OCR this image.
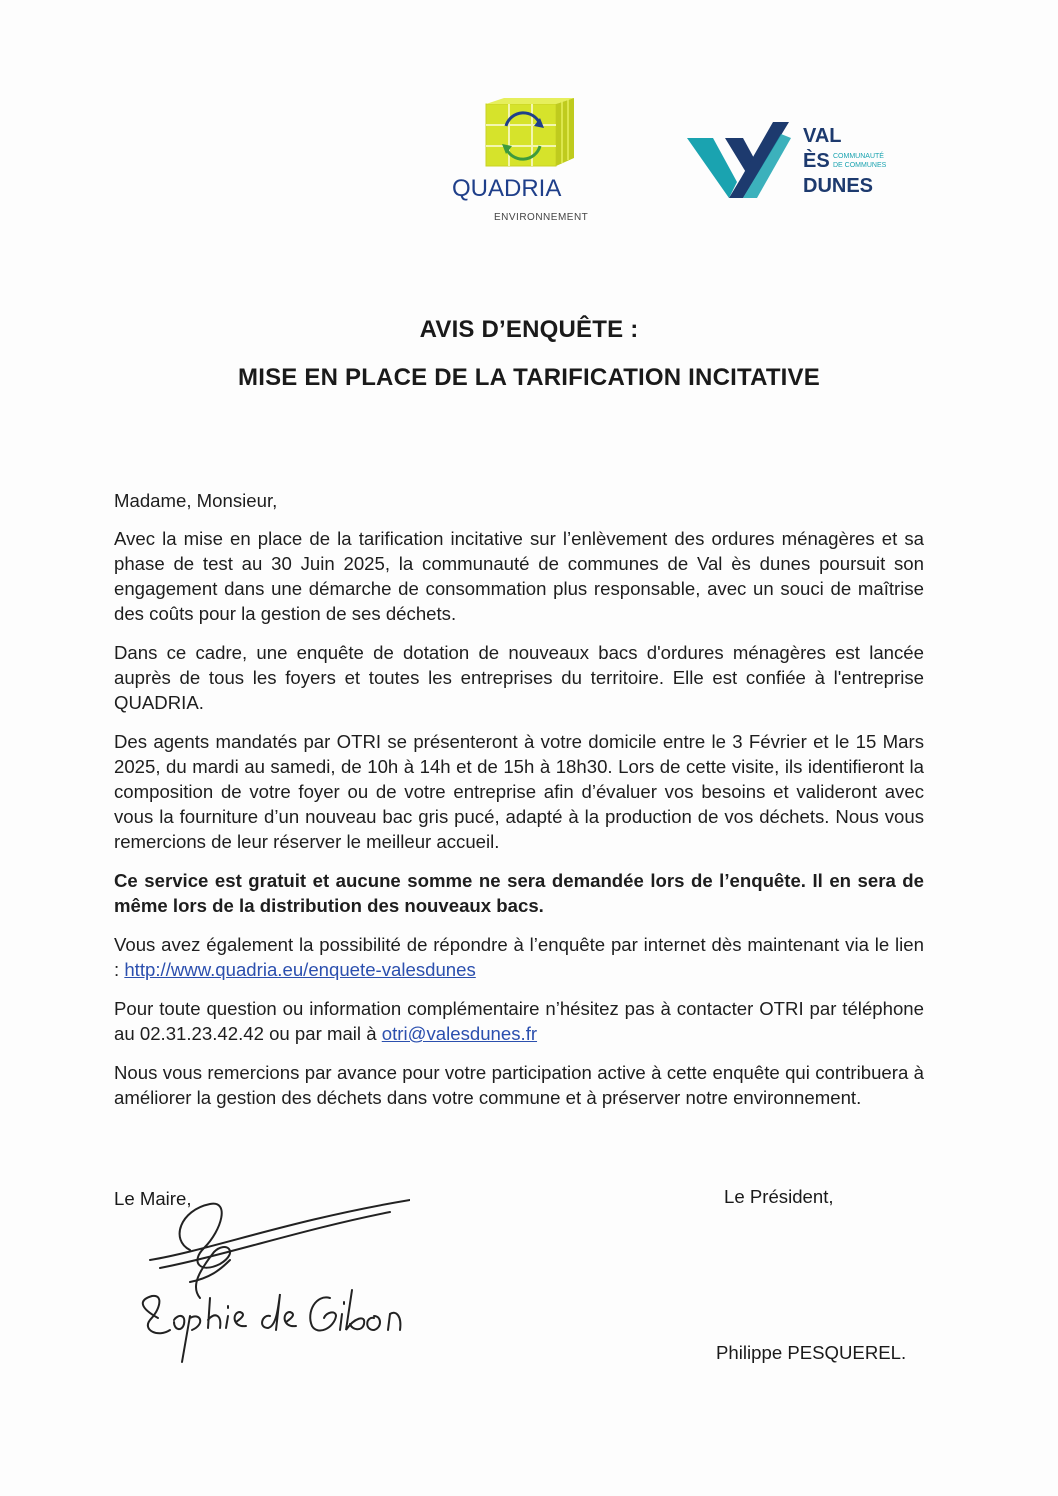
QUADRIA
ENVIRONNEMENT
VAL
ÈS COMMUNAUTÉ
DE COMMUNES
DUNES
AVIS D’ENQUÊTE :
MISE EN PLACE DE LA TARIFICATION INCITATIVE

Madame, Monsieur,

Avec la mise en place de la tarification incitative sur l’enlèvement des ordures ménagères et sa phase de test au 30 Juin 2025, la communauté de communes de Val ès dunes poursuit son engagement dans une démarche de consommation plus responsable, avec un souci de maîtrise des coûts pour la gestion de ses déchets.

Dans ce cadre, une enquête de dotation de nouveaux bacs d'ordures ménagères est lancée auprès de tous les foyers et toutes les entreprises du territoire. Elle est confiée à l'entreprise QUADRIA.

Des agents mandatés par OTRI se présenteront à votre domicile entre le 3 Février et le 15 Mars 2025, du mardi au samedi, de 10h à 14h et de 15h à 18h30. Lors de cette visite, ils identifieront la composition de votre foyer ou de votre entreprise afin d’évaluer vos besoins et valideront avec vous la fourniture d’un nouveau bac gris pucé, adapté à la production de vos déchets. Nous vous remercions de leur réserver le meilleur accueil.

Ce service est gratuit et aucune somme ne sera demandée lors de l’enquête. Il en sera de même lors de la distribution des nouveaux bacs.

Vous avez également la possibilité de répondre à l’enquête par internet dès maintenant via le lien : http://www.quadria.eu/enquete-valesdunes

Pour toute question ou information complémentaire n’hésitez pas à contacter OTRI par téléphone au 02.31.23.42.42 ou par mail à otri@valesdunes.fr

Nous vous remercions par avance pour votre participation active à cette enquête qui contribuera à améliorer la gestion des déchets dans votre commune et à préserver notre environnement.

Le Maire,	Le Président,
Philippe PESQUEREL.
